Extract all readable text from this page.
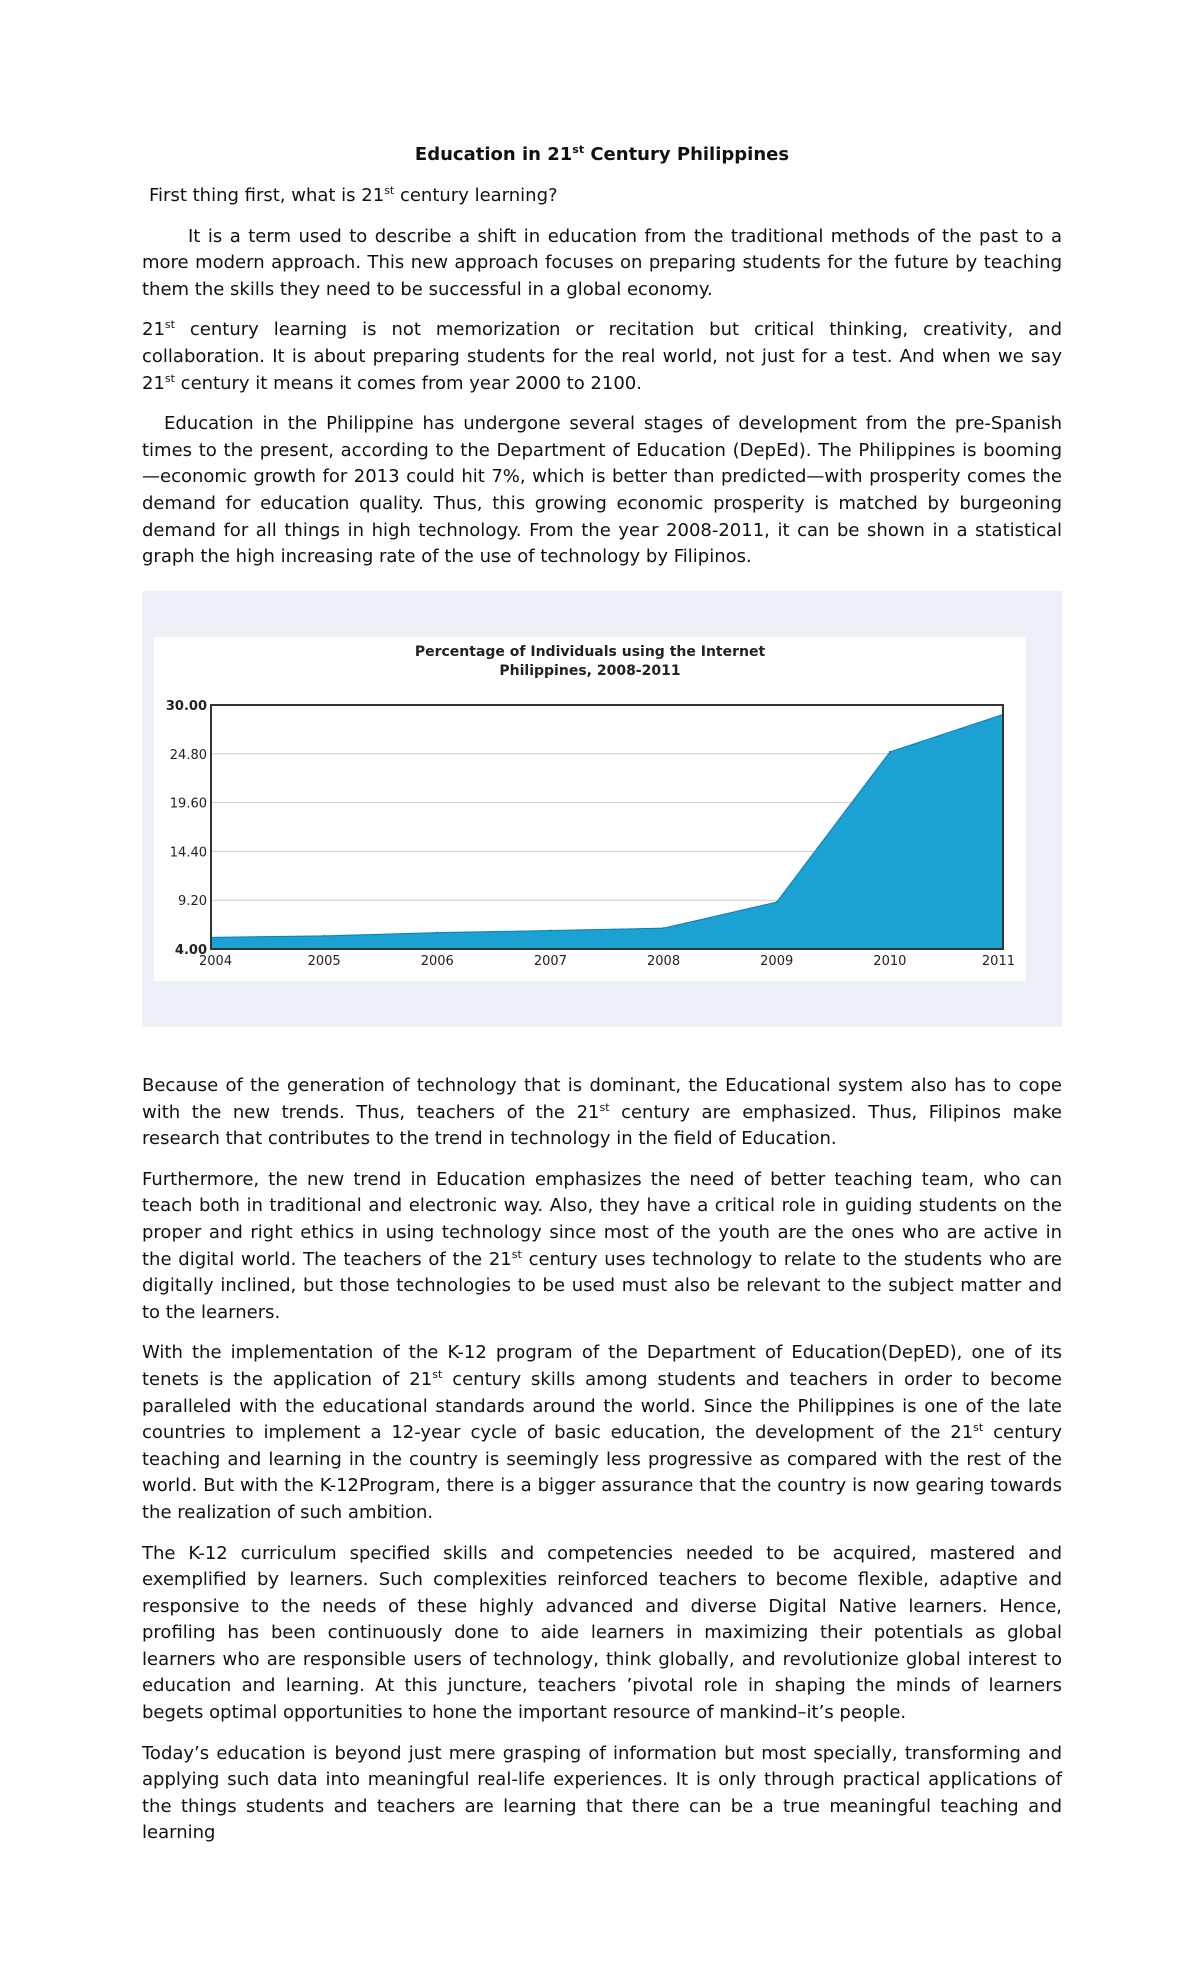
Education in 21st Century Philippines

First thing first, what is 21st century learning?

It is a term used to describe a shift in education from the traditional methods of the past to a more modern approach. This new approach focuses on preparing students for the future by teaching them the skills they need to be successful in a global economy.

21st century learning is not memorization or recitation but critical thinking, creativity, and collaboration. It is about preparing students for the real world, not just for a test. And when we say 21st century it means it comes from year 2000 to 2100.

Education in the Philippine has undergone several stages of development from the pre-Spanish times to the present, according to the Department of Education (DepEd). The Philippines is booming—economic growth for 2013 could hit 7%, which is better than predicted—with prosperity comes the demand for education quality. Thus, this growing economic prosperity is matched by burgeoning demand for all things in high technology. From the year 2008-2011, it can be shown in a statistical graph the high increasing rate of the use of technology by Filipinos.

Percentage of Individuals using the Internet
Philippines, 2008-2011
30.00
24.80
19.60
14.40
9.20
4.00
2004	2005	2006	2007	2008	2009	2010	2011

Because of the generation of technology that is dominant, the Educational system also has to cope with the new trends. Thus, teachers of the 21st century are emphasized. Thus, Filipinos make research that contributes to the trend in technology in the field of Education.

Furthermore, the new trend in Education emphasizes the need of better teaching team, who can teach both in traditional and electronic way. Also, they have a critical role in guiding students on the proper and right ethics in using technology since most of the youth are the ones who are active in the digital world. The teachers of the 21st century uses technology to relate to the students who are digitally inclined, but those technologies to be used must also be relevant to the subject matter and to the learners.

With the implementation of the K-12 program of the Department of Education(DepED), one of its tenets is the application of 21st century skills among students and teachers in order to become paralleled with the educational standards around the world. Since the Philippines is one of the late countries to implement a 12-year cycle of basic education, the development of the 21st century teaching and learning in the country is seemingly less progressive as compared with the rest of the world. But with the K-12Program, there is a bigger assurance that the country is now gearing towards the realization of such ambition.

The K-12 curriculum specified skills and competencies needed to be acquired, mastered and exemplified by learners. Such complexities reinforced teachers to become flexible, adaptive and responsive to the needs of these highly advanced and diverse Digital Native learners. Hence, profiling has been continuously done to aide learners in maximizing their potentials as global learners who are responsible users of technology, think globally, and revolutionize global interest to education and learning. At this juncture, teachers ’pivotal role in shaping the minds of learners begets optimal opportunities to hone the important resource of mankind–it’s people.

Today’s education is beyond just mere grasping of information but most specially, transforming and applying such data into meaningful real-life experiences. It is only through practical applications of the things students and teachers are learning that there can be a true meaningful teaching and learning
